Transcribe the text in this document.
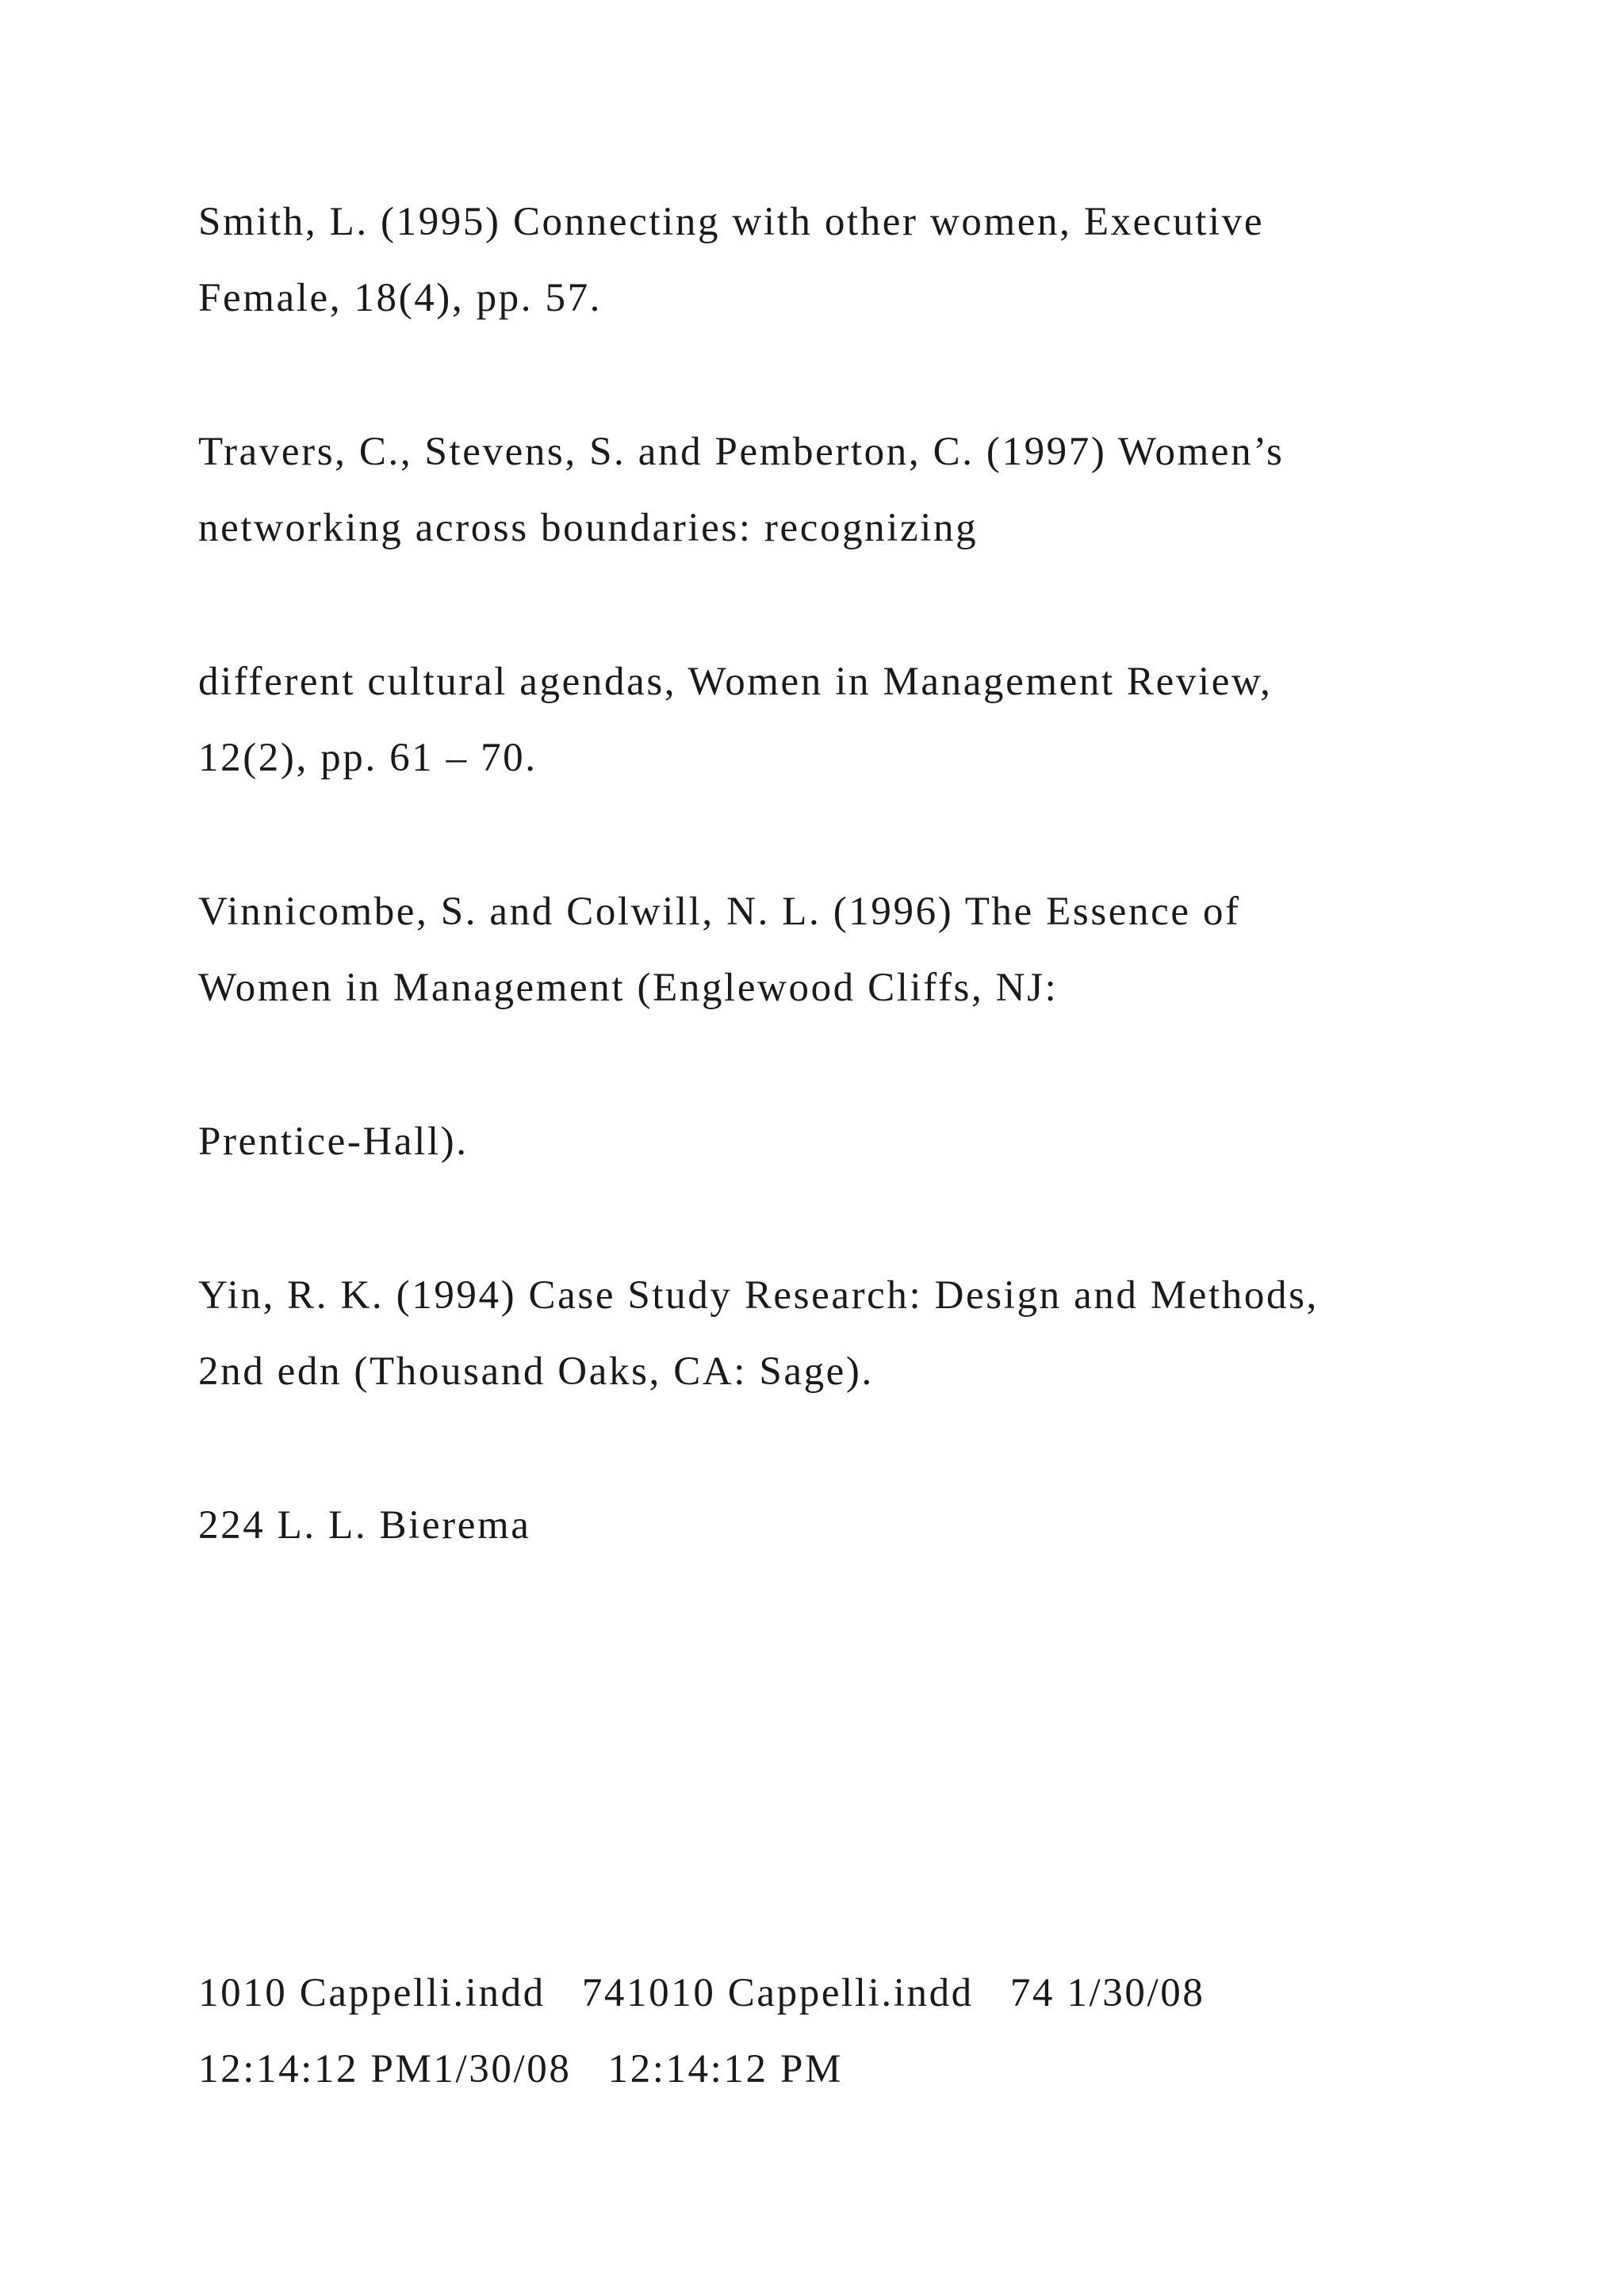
Smith, L. (1995) Connecting with other women, Executive

Female, 18(4), pp. 57.

Travers, C., Stevens, S. and Pemberton, C. (1997) Women’s

networking across boundaries: recognizing

different cultural agendas, Women in Management Review,

12(2), pp. 61 – 70.

Vinnicombe, S. and Colwill, N. L. (1996) The Essence of

Women in Management (Englewood Cliffs, NJ:

Prentice-Hall).

Yin, R. K. (1994) Case Study Research: Design and Methods,

2nd edn (Thousand Oaks, CA: Sage).

224 L. L. Bierema

1010 Cappelli.indd   741010 Cappelli.indd   74 1/30/08

12:14:12 PM1/30/08   12:14:12 PM
